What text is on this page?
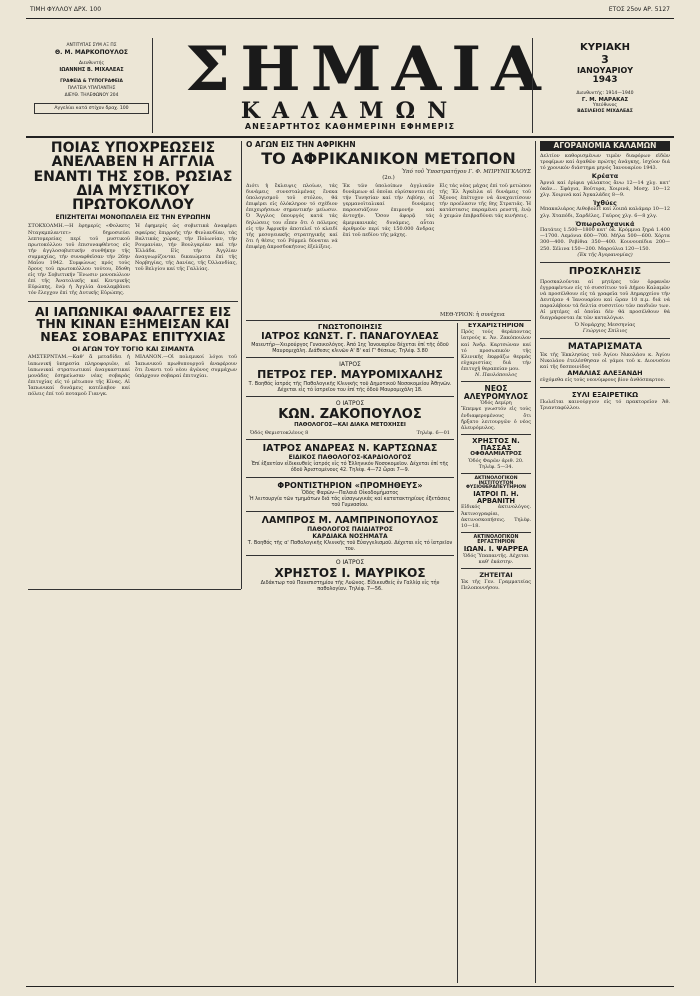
ΤΙΜΗ ΦΥΛΛΟΥ ΔΡΧ. 100	ΕΤΟΣ 25ον ΑΡ. 5127
ΑΝΤΙΤΥΠΑΣ ΣΥΜ ΑΞ ΠΣ
Θ. Μ. ΜΑΡΚΟΠΟΥΛΟΣ
Διευθυντής
ΙΩΑΝΝΗΣ Β. ΜΙΧΑΛΕΑΣ
ΓΡΑΦΕΙΑ & ΤΥΠΟΓΡΑΦΕΙΑ
ΠΛΑΤΕΙΑ ΥΠΑΠΑΝΤΗΣ
ΔΙΕΥΘ. ΤΗΛΕΦΩΝΟΥ 204
Αγγελίαι κατά στίχον δραχ. 100
ΣΗΜΑΙΑ
ΚΑΛΑΜΩΝ
ΑΝΕΞΑΡΤΗΤΟΣ ΚΑΘΗΜΕΡΙΝΗ ΕΦΗΜΕΡΙΣ
ΚΥΡΙΑΚΗ
3
ΙΑΝΟΥΑΡΙΟΥ
1943
Διευθυντής: 1914—1940
Γ. Μ. ΜΑΡΑΚΑΣ
Υπεύθυνος
ΒΑΣΙΛΕΙΟΣ ΜΙΧΑΛΕΑΣ
ΠΟΙΑΣ ΥΠΟΧΡΕΩΣΕΙΣ ΑΝΕΛΑΒΕΝ Η ΑΓΓΛΙΑ ΕΝΑΝΤΙ ΤΗΣ ΣΟΒ. ΡΩΣΙΑΣ ΔΙΑ ΜΥΣΤΙΚΟΥ ΠΡΩΤΟΚΟΛΛΟΥ
ΕΠΙΖΗΤΕΙΤΑΙ ΜΟΝΟΠΩΛΕΙΑ ΕΙΣ ΤΗΝ ΕΥΡΩΠΗΝ
ΣΤΟΚΧΟΛΜΗ.—Η ἐφημερίς «Φολκετς Νταγκμπλαντετ» δημοσιεύει λεπτομερείας περί τοῦ μυστικοῦ πρωτοκόλλου τοῦ ἐπισυναφθέντος εἰς τήν ἀγγλοσοβιετικήν συνθήκην τῆς συμμαχίας, τήν συναφθεῖσαν τήν 26ην Μαΐου 1942. Συμφώνως πρός τούς ὅρους τοῦ πρωτοκόλλου τούτου, ἔδοθη εἰς τήν Σοβιετικήν Ἕνωσιν μονοπώλιον ἐπί τῆς Ἀνατολικῆς καί Κεντρικῆς Εὐρώπης, ἐνῷ ἡ Ἀγγλία ἀναλαμβάνει τόν ἔλεγχον ἐπί τῆς Δυτικῆς Εὐρώπης.
Ἡ ἐφημερίς ὡς σοβιετικά ἀναφέρει σφαίρας ἐπιρροῆς τήν Φινλανδίαν, τάς Βαλτικάς χώρας, τήν Πολωνίαν, τήν Ρουμανίαν, τήν Βουλγαρίαν καί τήν Ἑλλάδα. Εἰς τήν Ἀγγλίαν ἀναγνωρίζονται δικαιώματα ἐπί τῆς Νορβηγίας, τῆς Δανίας, τῆς Ὀλλανδίας, τοῦ Βελγίου καί τῆς Γαλλίας.
ΑΙ ΙΑΠΩΝΙΚΑΙ ΦΑΛΑΓΓΕΣ ΕΙΣ ΤΗΝ ΚΙΝΑΝ ΕΞΗΜΕΙΣΑΝ ΚΑΙ ΝΕΑΣ ΣΟΒΑΡΑΣ ΕΠΙΤΥΧΙΑΣ
ΟΙ ΑΓΩΝ ΤΟΥ ΤΟΓΙΟ ΚΑΙ ΣΙΜΑΝΤΑ
ΑΜΣΤΕΡΝΤΑΜ.—Καθ' ἃ μεταδίδει ἡ ἰαπωνική ὑπηρεσία πληροφοριῶν, αἱ ἰαπωνικαί στρατιωτικαί ἀναγκαστικαί μονάδες ἐσημείωσαν νέας σοβαράς ἐπιτυχίας εἰς τό μέτωπον τῆς Κίνας. Αἱ Ἰαπωνικαί δυνάμεις κατέλαβον καί πόλεις ἐπί τοῦ ποταμοῦ Γιανγκ.
ΜΙΛΑΝΟΝ.—Οἱ πολεμικοί λόγοι τοῦ Ἰαπωνικοῦ πρωθυπουργοῦ ἀναφέρουν ὅτι ἔναντι τοῦ νέου ἀγῶνος συμμάχων ὑπάρχουν σοβαραί ἐπιτυχίαι.
Ο ΑΓΩΝ ΕΙΣ ΤΗΝ ΑΦΡΙΚΗΝ
ΤΟ ΑΦΡΙΚΑΝΙΚΟΝ ΜΕΤΩΠΟΝ
Ὑπό τοῦ Ὑποστρατήγου Γ. Φ. ΜΠΡΥΝΙΓΚΛΟΥΣ
(2ο.)
Διότι ἡ ἔκλειψις πλοίων, τάς δυνάμεις συνεσταλμένας ἕνεκα ὑπολογισμοῦ τοῦ στόλου, θά ἐπιφέρει εἰς ὁλόκληρον τό σχέδιον ἐπιχειρήσεων σημαντικήν μείωσιν. Ὁ Ἄγγλος ὑπουργός κατά τάς δηλώσεις του εἶπεν ὅτι ὁ πόλεμος εἰς τήν Ἀφρικήν ἀποτελεῖ τό κλειδί τῆς μεσογειακῆς στρατηγικῆς καί ὅτι ἡ θέσις τοῦ Ρόμμελ δύναται νά ἐπιφέρῃ ἀπροσδοκήτους ἐξελίξεις.
Ἐκ τῶν ὑπολοίπων ἀγγλικῶν δυνάμεων αἱ ὁποῖαι εὑρίσκονται εἰς τήν Τυνησίαν καί τήν Λιβύην, αἱ γερμανοϊταλικαί δυνάμεις παρουσιάζουν ἐπιμονήν καί ἀντοχήν. Ὅσον ἀφορᾷ τάς ἀμερικανικάς δυνάμεις, αὗται ἀριθμοῦν περί τάς 150.000 ἄνδρας ἐπί τοῦ πεδίου τῆς μάχης.
Εἰς τάς νέας μάχας ἐπί τοῦ μετώπου τῆς Ἐλ Ἀγκέιλα αἱ δυνάμεις τοῦ Ἄξονος ἐπέτυχον νά ἀναχαιτίσουν τήν προέλασιν τῆς 8ης Στρατιᾶς. Ἡ κατάστασις παραμένει ρευστή, ἐνῷ ὁ χειμών ἐπιβραδύνει τάς κινήσεις.
ΜΕΘ·ΥΡΙΟΝ: ἡ συνέχεια
ΓΝΩΣΤΟΠΟΙΗΣΙΣ
ΙΑΤΡΟΣ ΚΩΝΣΤ. Γ. ΠΑΝΑΓΟΥΛΕΑΣ
Μαιευτήρ—Χειρούργος Γυναικολόγος. Ἀπό 1ης Ἰανουαρίου δέχεται ἐπί τῆς ὁδοῦ Μαυρομιχάλη. Διάθεσις κλινῶν Α' Β' καί Γ' θέσεως. Τηλέφ. 3.80
ΙΑΤΡΟΣ
ΠΕΤΡΟΣ ΓΕΡ. ΜΑΥΡΟΜΙΧΑΛΗΣ
Τ. Βοηθός ἰατρός τῆς Παθολογικῆς Κλινικῆς τοῦ Δημοτικοῦ Νοσοκομείου Ἀθηνῶν. Δέχεται εἰς τό ἰατρεῖον του ἐπί τῆς ὁδοῦ Μαυρομιχάλη 18.
Ο ΙΑΤΡΟΣ
ΚΩΝ. ΖΑΚΟΠΟΥΛΟΣ
ΠΑΘΟΛΟΓΟΣ—ΚΑΙ ΔΙΑΚΑ ΜΕΤΟΧΗΣΕΙ
Ὁδός Θεμιστοκλέους 8	Τηλέφ. 6—01
ΙΑΤΡΟΣ ΑΝΔΡΕΑΣ Ν. ΚΑΡΤΣΩΝΑΣ
ΕΙΔΙΚΟΣ ΠΑΘΟΛΟΓΟΣ-ΚΑΡΔΙΟΛΟΓΟΣ
Ἐπί ἐξαετίαν εἰδικευθείς ἰατρός εἰς τό Ἑλληνικόν Νοσοκομεῖον. Δέχεται ἐπί τῆς ὁδοῦ Ἀριστομένους 42. Τηλέφ. 4—72 ὥραι 7—9.
ΦΡΟΝΤΙΣΤΗΡΙΟΝ «ΠΡΟΜΗΘΕΥΣ»
Ὁδός Φαρῶν—Παλαιά Οἰκοδομήματος
Ἡ λειτουργία τῶν τμημάτων διά τάς εἰσαγωγικάς καί κατατακτηρίους ἐξετάσεις τοῦ Γυμνασίου.
ΛΑΜΠΡΟΣ Μ. ΛΑΜΠΡΙΝΟΠΟΥΛΟΣ
ΠΑΘΟΛΟΓΟΣ ΠΑΙΔΙΑΤΡΟΣ
ΚΑΡΔΙΑΚΑ ΝΟΣΗΜΑΤΑ
Τ. Βοηθός τῆς α' Παθολογικῆς Κλινικῆς τοῦ Εὐαγγελισμοῦ. Δέχεται εἰς τό ἰατρεῖον του.
Ο ΙΑΤΡΟΣ
ΧΡΗΣΤΟΣ Ι. ΜΑΥΡΙΚΟΣ
Διδάκτωρ τοῦ Πανεπιστημίου τῆς Λυῶνος. Εἰδικευθείς ἐν Γαλλίᾳ εἰς τήν παθολογίαν. Τηλέφ. 7—56.
ΕΥΧΑΡΙΣΤΗΡΙΟΝ
Πρός τούς θεράποντας ἰατρούς κ. Ἀν. Ζακόπουλον καί Ἀνδρ. Καρτσώναν καί τό προσωπικόν τῆς Κλινικῆς ἐκφράζω θερμάς εὐχαριστίας διά τήν ἐπιτυχῆ θεραπείαν μου.
Ν. Παυλόπουλος
ΝΕΟΣ ΑΛΕΥΡΟΜΥΛΟΣ
Ὁδός Δεμίρη
Ἔπεμψε γνωστόν εἰς τούς ἐνδιαφερομένους ὅτι ἤρξατο λειτουργῶν ὁ νέος ἀλευρόμυλος.
ΧΡΗΣΤΟΣ Ν. ΠΑΣΣΑΣ
ΟΦΘΑΛΜΙΑΤΡΟΣ
Ὁδός Φαρῶν ἀριθ. 20. Τηλέφ. 5—34.
ΑΚΤΙΝΟΛΟΓΙΚΟΝ ΙΝΣΤΙΤΟΥΤΟΝ ΦΥΣΙΟΘΕΡΑΠΕΥΤΗΡΙΟΝ
ΙΑΤΡΟΙ Π. Η. ΑΡΒΑΝΙΤΗ
Εἰδικός ἀκτινολόγος. Ἀκτινογραφίαι, ἀκτινοσκοπήσεις. Τηλέφ. 10—18.
ΑΚΤΙΝΟΛΟΓΙΚΟΝ ΕΡΓΑΣΤΗΡΙΟΝ
ΙΩΑΝ. Ι. ΨΑΡΡΕΑ
Ὁδός Ὑπαπαντῆς. Δέχεται καθ' ἑκάστην.
ΖΗΤΕΙΤΑΙ
Ἐκ τῆς Γεν. Γραμματείας Πελοποννήσου.
ΑΓΟΡΑΝΟΜΙΑ ΚΑΛΑΜΩΝ
Δελτίον καθορισμένων τιμῶν διαφόρων εἰδῶν τροφίμων καί ἀγαθῶν πρώτης ἀνάγκης, ἰσχύον διά τό χρονικόν διάστημα μηνός Ἰανουαρίου 1943.
Κρέατα
Ἀρνιά καί ἐρίφια γάλακτος ἄνω 12—14 χλγ. κατ' ὀκᾶν... Σφάγια, Βοῦτυρα, Χοιρινά, Μοσχ. 10—12 χλγ. Χοιρινά καί Ἀγκαλάδες 8—9.
Ἰχθύες
Μπακαλιάρος Λιθοβολίτ καί λοιπά καλάμαρ 10—12 χλγ. Χταπόδι, Σαρδέλες, Γαῦρος χλγ. 6—8 χλγ.
Ὀπωρολαχανικά
Πατάτες 1.500—1800 κατ' ὀκ. Κρόμμυα ξηρά 1.400—1700. Λεμόνια 600—700. Μήλα 500—600. Χόρτα 300—400. Ρεβίθια 350—400. Κουνουπίδια 200—250. Σέλινα 150—200. Μαρούλια 120—150.
(Ἐκ τῆς Ἀγορανομίας)
ΠΡΟΣΚΛΗΣΙΣ
Προσκαλοῦνται αἱ μητέρες τῶν ὀρφανῶν ἐγγραφέντων εἰς τό συσσίτιον τοῦ Δήμου Καλαμῶν νά προσέλθουν εἰς τά γραφεῖα τοῦ Δημαρχείου τήν Δευτέραν 4 Ἰανουαρίου καί ὥραν 10 π.μ. διά νά παραλάβουν τά δελτία συσσιτίου τῶν παιδιῶν των. Αἱ μητέρες αἱ ὁποῖαι δέν θά προσέλθουν θά διαγράφονται ἐκ τῶν καταλόγων.
Ὁ Νομάρχης Μεσσηνίας
Γεώργιος Σπίλιος
ΜΑΤΑΡΙΣΜΑΤΑ
Ἐκ τῆς Ἐκκλησίας τοῦ Ἁγίου Νικολάου κ. Ἀγίου Νικολάου ἐτελέσθησαν οἱ γάμοι τοῦ κ. Διονυσίου καί τῆς δεσποινίδος
ΑΜΑΛΙΑΣ ΑΛΕΞΑΝΔΗ
εὐχόμεθα εἰς τούς νεονύμφους βίον ἀνθόσπαρτον.
ΣΥΛΙ ΕΞΑΙΡΕΤΙΚΩ
Πωλεῖται καινούργιον εἰς τό πρακτορεῖον Ἀθ. Τριανταφύλλου.
